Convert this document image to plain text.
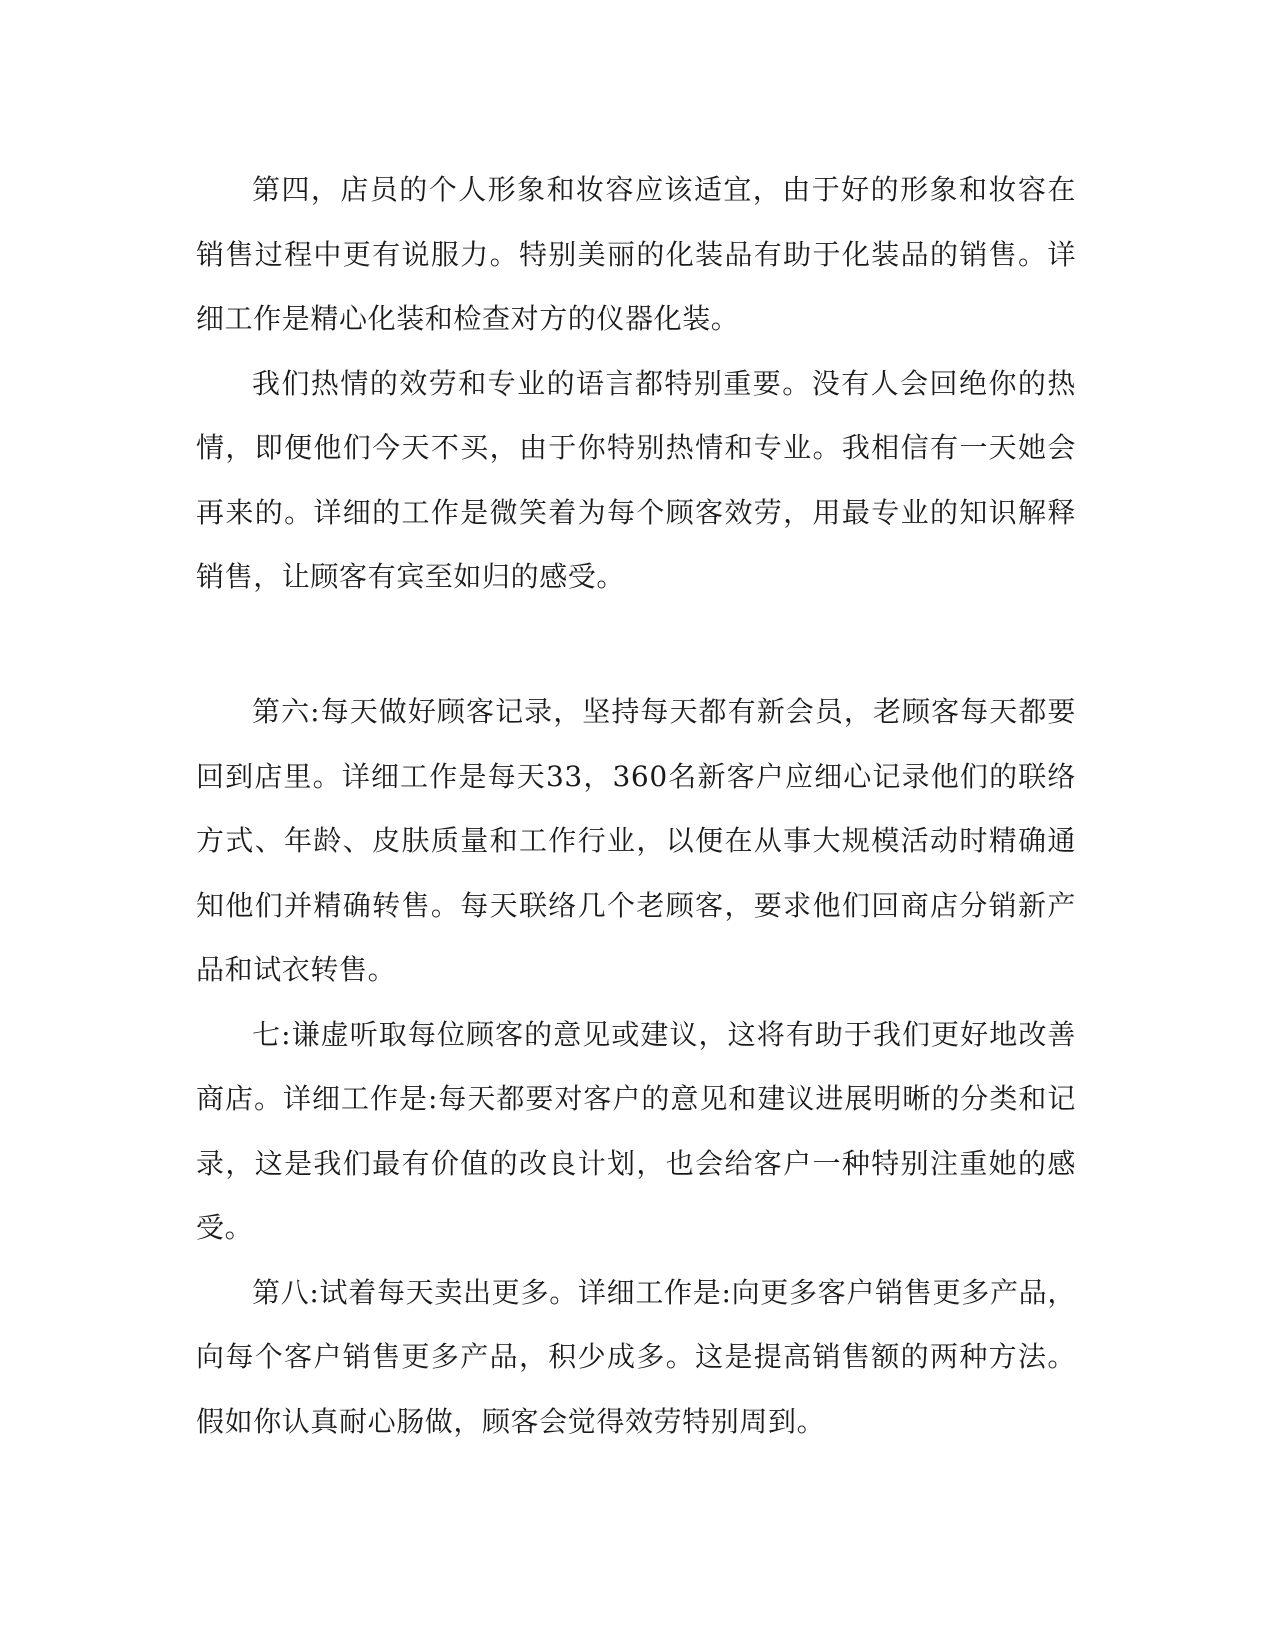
第四，店员的个人形象和妆容应该适宜，由于好的形象和妆容在销售过程中更有说服力。特别美丽的化装品有助于化装品的销售。详细工作是精心化装和检查对方的仪器化装。

我们热情的效劳和专业的语言都特别重要。没有人会回绝你的热情，即便他们今天不买，由于你特别热情和专业。我相信有一天她会再来的。详细的工作是微笑着为每个顾客效劳，用最专业的知识解释销售，让顾客有宾至如归的感受。

第六:每天做好顾客记录，坚持每天都有新会员，老顾客每天都要回到店里。详细工作是每天33，360名新客户应细心记录他们的联络方式、年龄、皮肤质量和工作行业，以便在从事大规模活动时精确通知他们并精确转售。每天联络几个老顾客，要求他们回商店分销新产品和试衣转售。

七:谦虚听取每位顾客的意见或建议，这将有助于我们更好地改善商店。详细工作是:每天都要对客户的意见和建议进展明晰的分类和记录，这是我们最有价值的改良计划，也会给客户一种特别注重她的感受。

第八:试着每天卖出更多。详细工作是:向更多客户销售更多产品，向每个客户销售更多产品，积少成多。这是提高销售额的两种方法。假如你认真耐心肠做，顾客会觉得效劳特别周到。
